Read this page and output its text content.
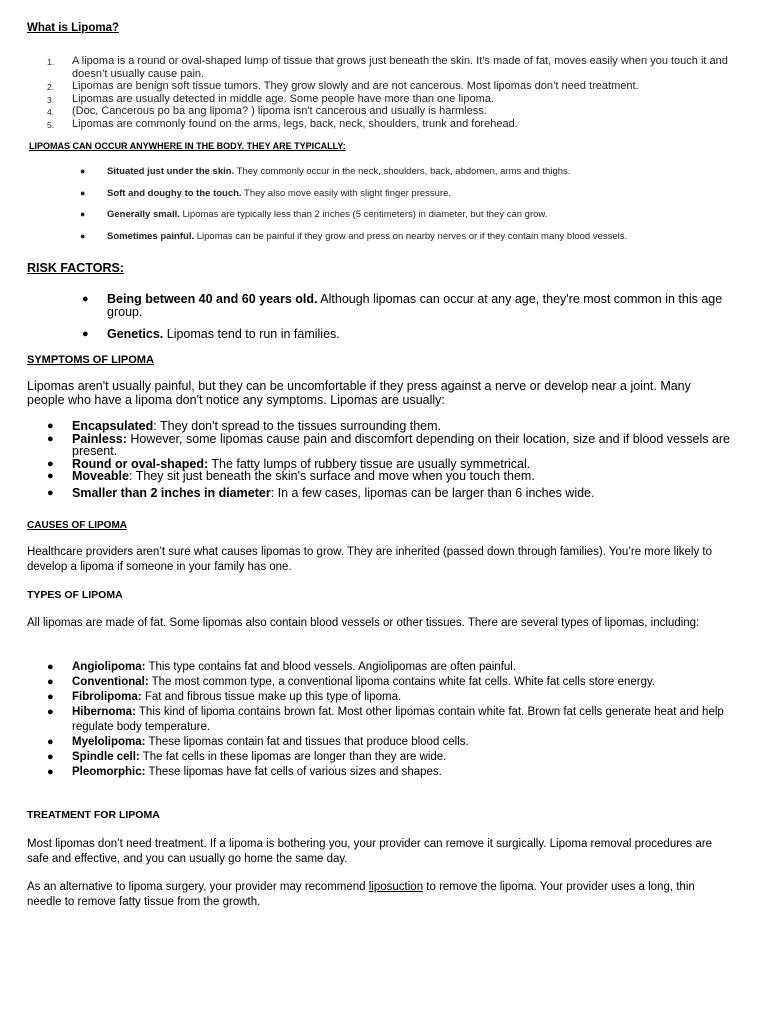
What is Lipoma?
1. A lipoma is a round or oval-shaped lump of tissue that grows just beneath the skin. It’s made of fat, moves easily when you touch it and doesn’t usually cause pain.
2. Lipomas are benign soft tissue tumors. They grow slowly and are not cancerous. Most lipomas don’t need treatment.
3. Lipomas are usually detected in middle age. Some people have more than one lipoma.
4. (Doc, Cancerous po ba ang lipoma? ) lipoma isn't cancerous and usually is harmless.
5. Lipomas are commonly found on the arms, legs, back, neck, shoulders, trunk and forehead.
LIPOMAS CAN OCCUR ANYWHERE IN THE BODY. THEY ARE TYPICALLY:
● Situated just under the skin. They commonly occur in the neck, shoulders, back, abdomen, arms and thighs.
● Soft and doughy to the touch. They also move easily with slight finger pressure.
● Generally small. Lipomas are typically less than 2 inches (5 centimeters) in diameter, but they can grow.
● Sometimes painful. Lipomas can be painful if they grow and press on nearby nerves or if they contain many blood vessels.
RISK FACTORS:
● Being between 40 and 60 years old. Although lipomas can occur at any age, they're most common in this age group.
● Genetics. Lipomas tend to run in families.
SYMPTOMS OF LIPOMA

Lipomas aren't usually painful, but they can be uncomfortable if they press against a nerve or develop near a joint. Many people who have a lipoma don't notice any symptoms. Lipomas are usually:

● Encapsulated: They don't spread to the tissues surrounding them.
● Painless: However, some lipomas cause pain and discomfort depending on their location, size and if blood vessels are present.
● Round or oval-shaped: The fatty lumps of rubbery tissue are usually symmetrical.
● Moveable: They sit just beneath the skin's surface and move when you touch them.
● Smaller than 2 inches in diameter: In a few cases, lipomas can be larger than 6 inches wide.
CAUSES OF LIPOMA

Healthcare providers aren’t sure what causes lipomas to grow. They are inherited (passed down through families). You’re more likely to develop a lipoma if someone in your family has one.

TYPES OF LIPOMA

All lipomas are made of fat. Some lipomas also contain blood vessels or other tissues. There are several types of lipomas, including:

● Angiolipoma: This type contains fat and blood vessels. Angiolipomas are often painful.
● Conventional: The most common type, a conventional lipoma contains white fat cells. White fat cells store energy.
● Fibrolipoma: Fat and fibrous tissue make up this type of lipoma.
● Hibernoma: This kind of lipoma contains brown fat. Most other lipomas contain white fat. Brown fat cells generate heat and help regulate body temperature.
● Myelolipoma: These lipomas contain fat and tissues that produce blood cells.
● Spindle cell: The fat cells in these lipomas are longer than they are wide.
● Pleomorphic: These lipomas have fat cells of various sizes and shapes.
TREATMENT FOR LIPOMA

Most lipomas don’t need treatment. If a lipoma is bothering you, your provider can remove it surgically. Lipoma removal procedures are safe and effective, and you can usually go home the same day.

As an alternative to lipoma surgery, your provider may recommend liposuction to remove the lipoma. Your provider uses a long, thin needle to remove fatty tissue from the growth.
